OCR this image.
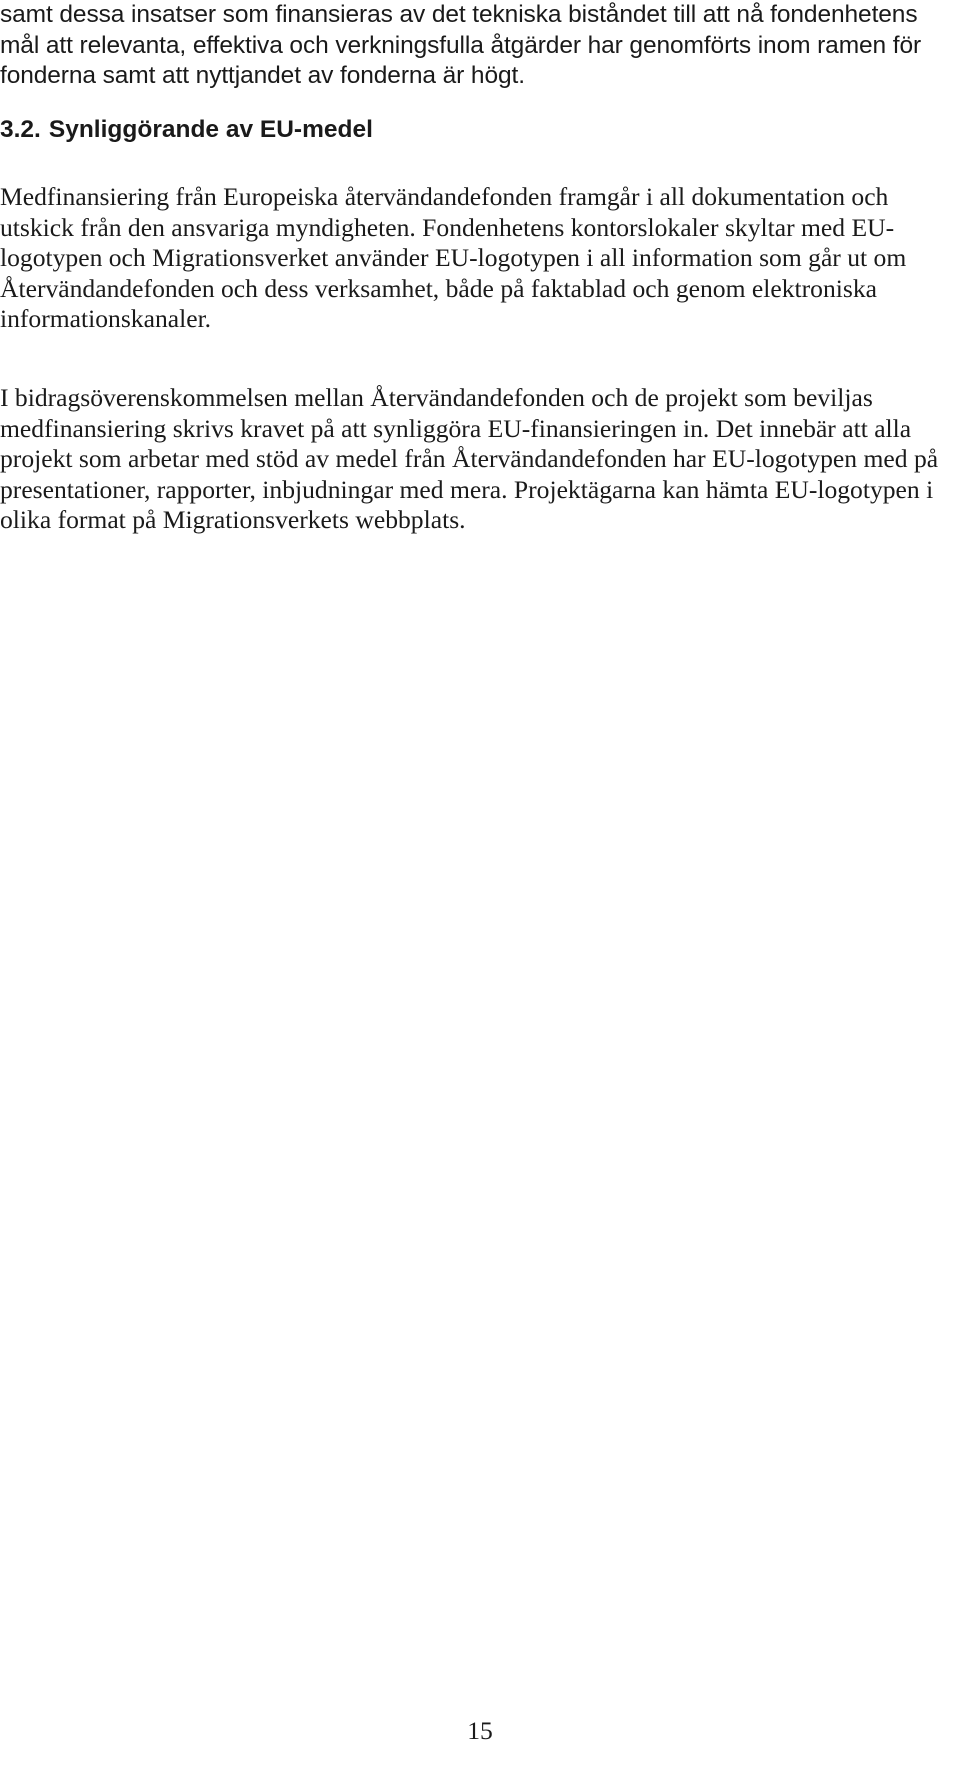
samt dessa insatser som finansieras av det tekniska biståndet till att nå fondenhetens mål att relevanta, effektiva och verkningsfulla åtgärder har genomförts inom ramen för fonderna samt att nyttjandet av fonderna är högt.

3.2. Synliggörande av EU-medel

Medfinansiering från Europeiska återvändandefonden framgår i all dokumentation och utskick från den ansvariga myndigheten. Fondenhetens kontorslokaler skyltar med EU-logotypen och Migrationsverket använder EU-logotypen i all information som går ut om Återvändandefonden och dess verksamhet, både på faktablad och genom elektroniska informationskanaler.

I bidragsöverenskommelsen mellan Återvändandefonden och de projekt som beviljas medfinansiering skrivs kravet på att synliggöra EU-finansieringen in. Det innebär att alla projekt som arbetar med stöd av medel från Återvändandefonden har EU-logotypen med på presentationer, rapporter, inbjudningar med mera. Projektägarna kan hämta EU-logotypen i olika format på Migrationsverkets webbplats.

15
